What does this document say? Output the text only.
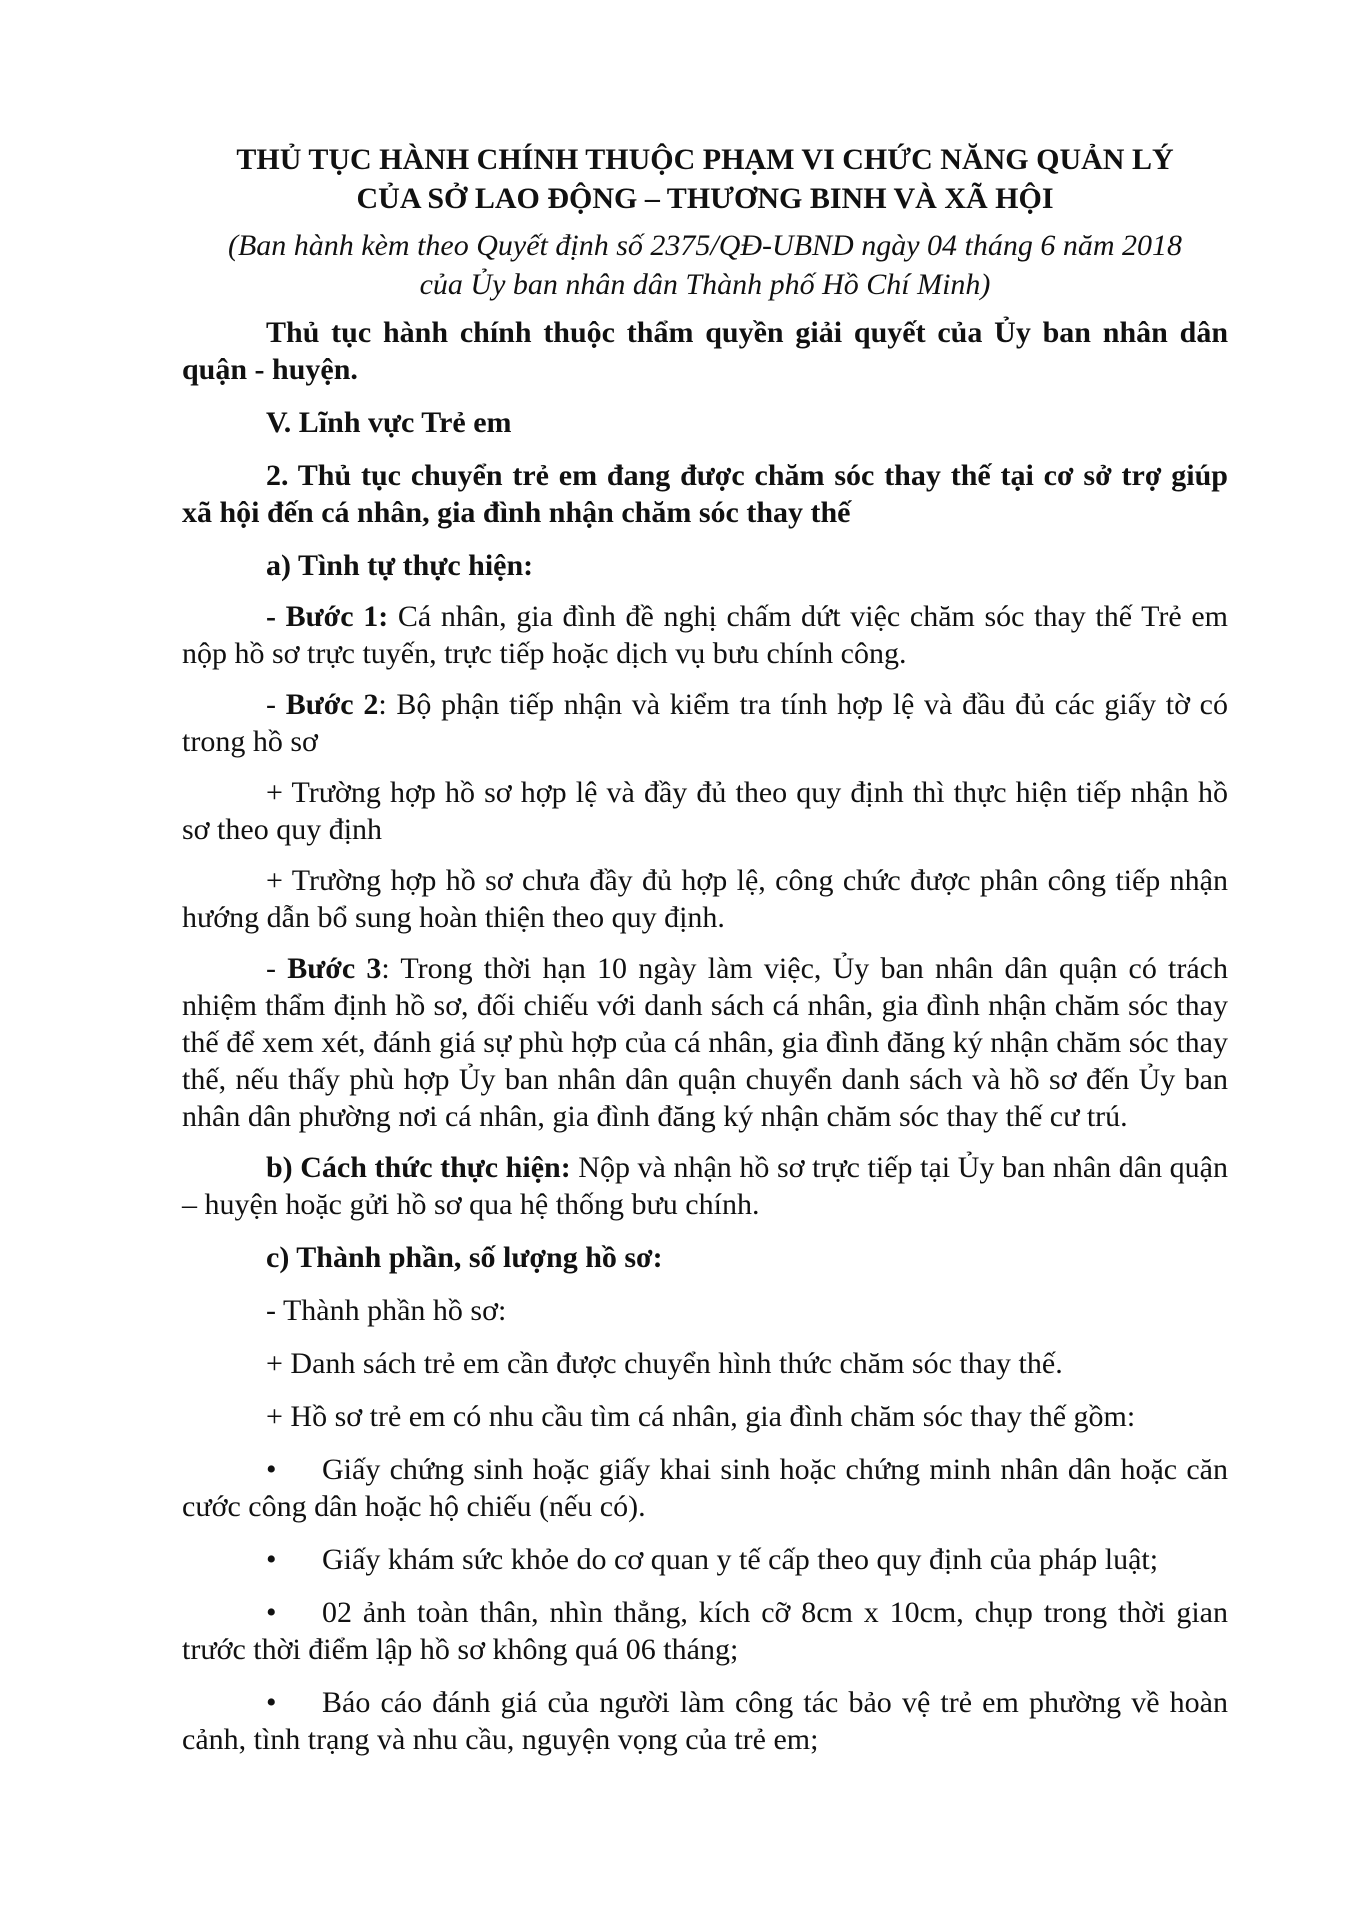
THỦ TỤC HÀNH CHÍNH THUỘC PHẠM VI CHỨC NĂNG QUẢN LÝ
CỦA SỞ LAO ĐỘNG – THƯƠNG BINH VÀ XÃ HỘI

(Ban hành kèm theo Quyết định số 2375/QĐ-UBND ngày 04 tháng 6 năm 2018
của Ủy ban nhân dân Thành phố Hồ Chí Minh)

Thủ tục hành chính thuộc thẩm quyền giải quyết của Ủy ban nhân dân quận - huyện.

V. Lĩnh vực Trẻ em

2. Thủ tục chuyển trẻ em đang được chăm sóc thay thế tại cơ sở trợ giúp xã hội đến cá nhân, gia đình nhận chăm sóc thay thế

a) Tình tự thực hiện:

- Bước 1: Cá nhân, gia đình đề nghị chấm dứt việc chăm sóc thay thế Trẻ em nộp hồ sơ trực tuyến, trực tiếp hoặc dịch vụ bưu chính công.

- Bước 2: Bộ phận tiếp nhận và kiểm tra tính hợp lệ và đầu đủ các giấy tờ có trong hồ sơ

+ Trường hợp hồ sơ hợp lệ và đầy đủ theo quy định thì thực hiện tiếp nhận hồ sơ theo quy định

+ Trường hợp hồ sơ chưa đầy đủ hợp lệ, công chức được phân công tiếp nhận hướng dẫn bổ sung hoàn thiện theo quy định.

- Bước 3: Trong thời hạn 10 ngày làm việc, Ủy ban nhân dân quận có trách nhiệm thẩm định hồ sơ, đối chiếu với danh sách cá nhân, gia đình nhận chăm sóc thay thế để xem xét, đánh giá sự phù hợp của cá nhân, gia đình đăng ký nhận chăm sóc thay thế, nếu thấy phù hợp Ủy ban nhân dân quận chuyển danh sách và hồ sơ đến Ủy ban nhân dân phường nơi cá nhân, gia đình đăng ký nhận chăm sóc thay thế cư trú.

b) Cách thức thực hiện: Nộp và nhận hồ sơ trực tiếp tại Ủy ban nhân dân quận – huyện hoặc gửi hồ sơ qua hệ thống bưu chính.

c) Thành phần, số lượng hồ sơ:

- Thành phần hồ sơ:

+ Danh sách trẻ em cần được chuyển hình thức chăm sóc thay thế.

+ Hồ sơ trẻ em có nhu cầu tìm cá nhân, gia đình chăm sóc thay thế gồm:

• Giấy chứng sinh hoặc giấy khai sinh hoặc chứng minh nhân dân hoặc căn cước công dân hoặc hộ chiếu (nếu có).

• Giấy khám sức khỏe do cơ quan y tế cấp theo quy định của pháp luật;

• 02 ảnh toàn thân, nhìn thẳng, kích cỡ 8cm x 10cm, chụp trong thời gian trước thời điểm lập hồ sơ không quá 06 tháng;

• Báo cáo đánh giá của người làm công tác bảo vệ trẻ em phường về hoàn cảnh, tình trạng và nhu cầu, nguyện vọng của trẻ em;
